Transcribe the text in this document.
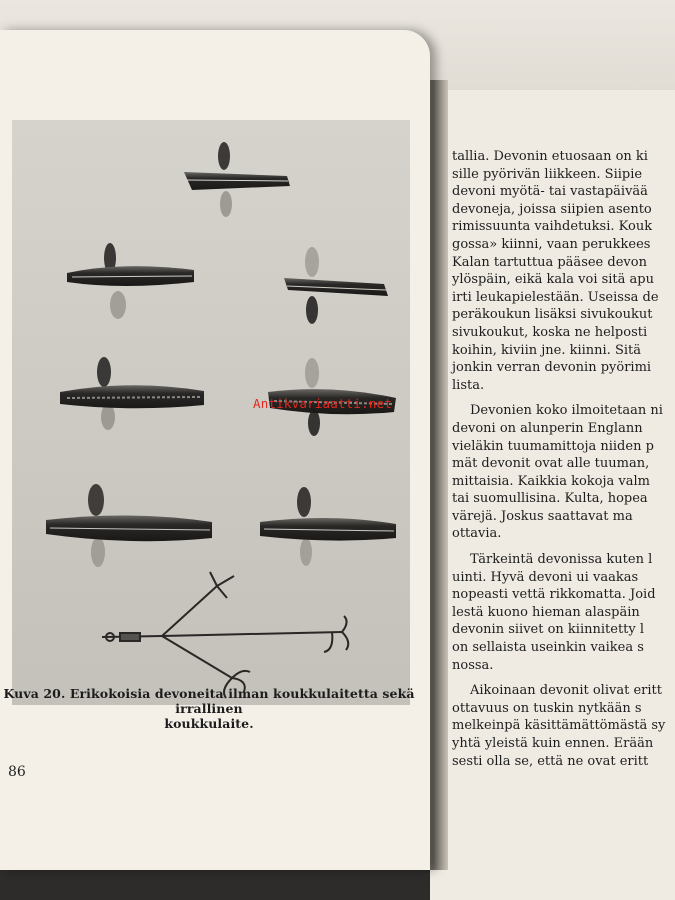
Kuva 20. Erikokoisia devoneita ilman koukkulaitetta sekä irrallinen
koukkulaite.
86
tallia. Devonin etuosaan on ki
sille pyörivän liikkeen. Siipie
devoni myötä- tai vastapäivää
devoneja, joissa siipien asento
rimissuunta vaihdetuksi. Kouk
gossa» kiinni, vaan perukkees
Kalan tartuttua pääsee devon
ylöspäin, eikä kala voi sitä apu
irti leukapielestään. Useissa de
peräkoukun lisäksi sivukoukut
sivukoukut, koska ne helposti
koihin, kiviin jne. kiinni. Sitä
jonkin verran devonin pyörimi
lista.
Devonien koko ilmoitetaan ni
devoni on alunperin Englann
vieläkin tuumamittoja niiden p
mät devonit ovat alle tuuman,
mittaisia. Kaikkia kokoja valm
tai suomullisina. Kulta, hopea
värejä. Joskus saattavat ma
ottavia.
Tärkeintä devonissa kuten l
uinti. Hyvä devoni ui vaakas
nopeasti vettä rikkomatta. Joid
lestä kuono hieman alaspäin
devonin siivet on kiinnitetty l
on sellaista useinkin vaikea s
nossa.
Aikoinaan devonit olivat eritt
ottavuus on tuskin nytkään s
melkeinpä käsittämättömästä sy
yhtä yleistä kuin ennen. Erään
sesti olla se, että ne ovat eritt
Antikvariaatti.net
